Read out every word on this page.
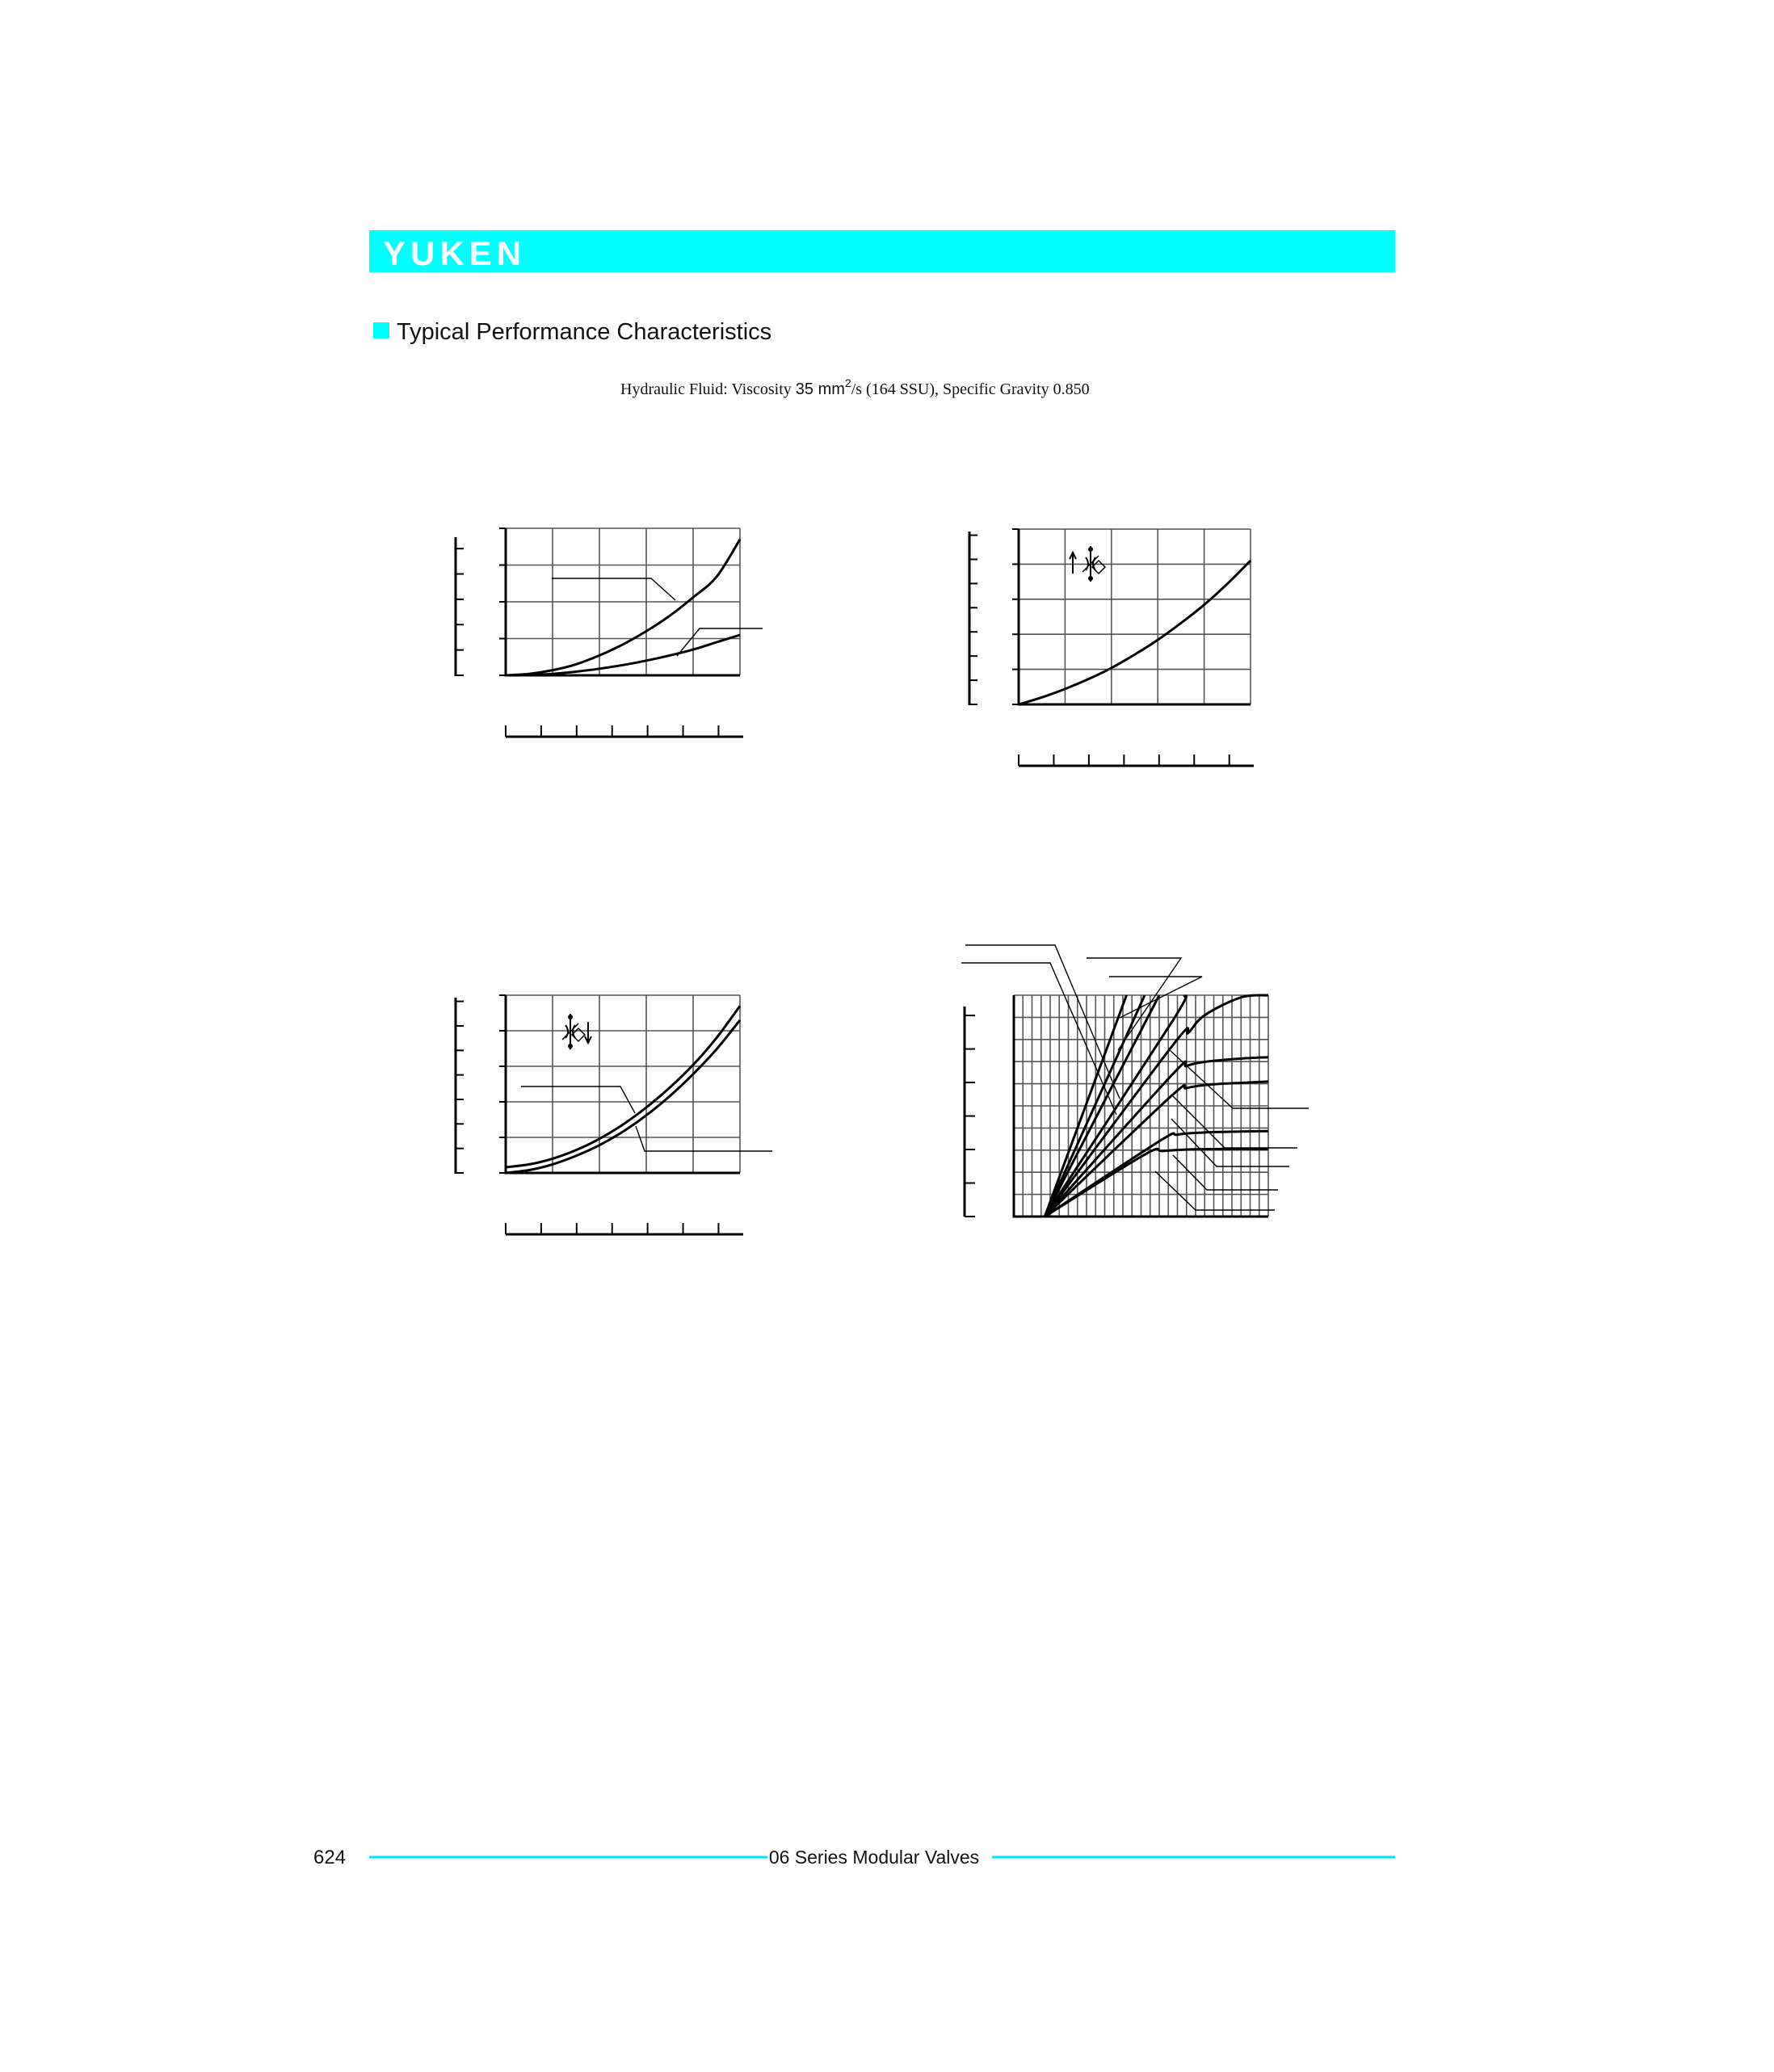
YUKEN
Typical Performance Characteristics
Hydraulic Fluid: Viscosity 35 $mm^2/s$ (164 SSU), Specific Gravity 0.850
624	06 Series Modular Valves
